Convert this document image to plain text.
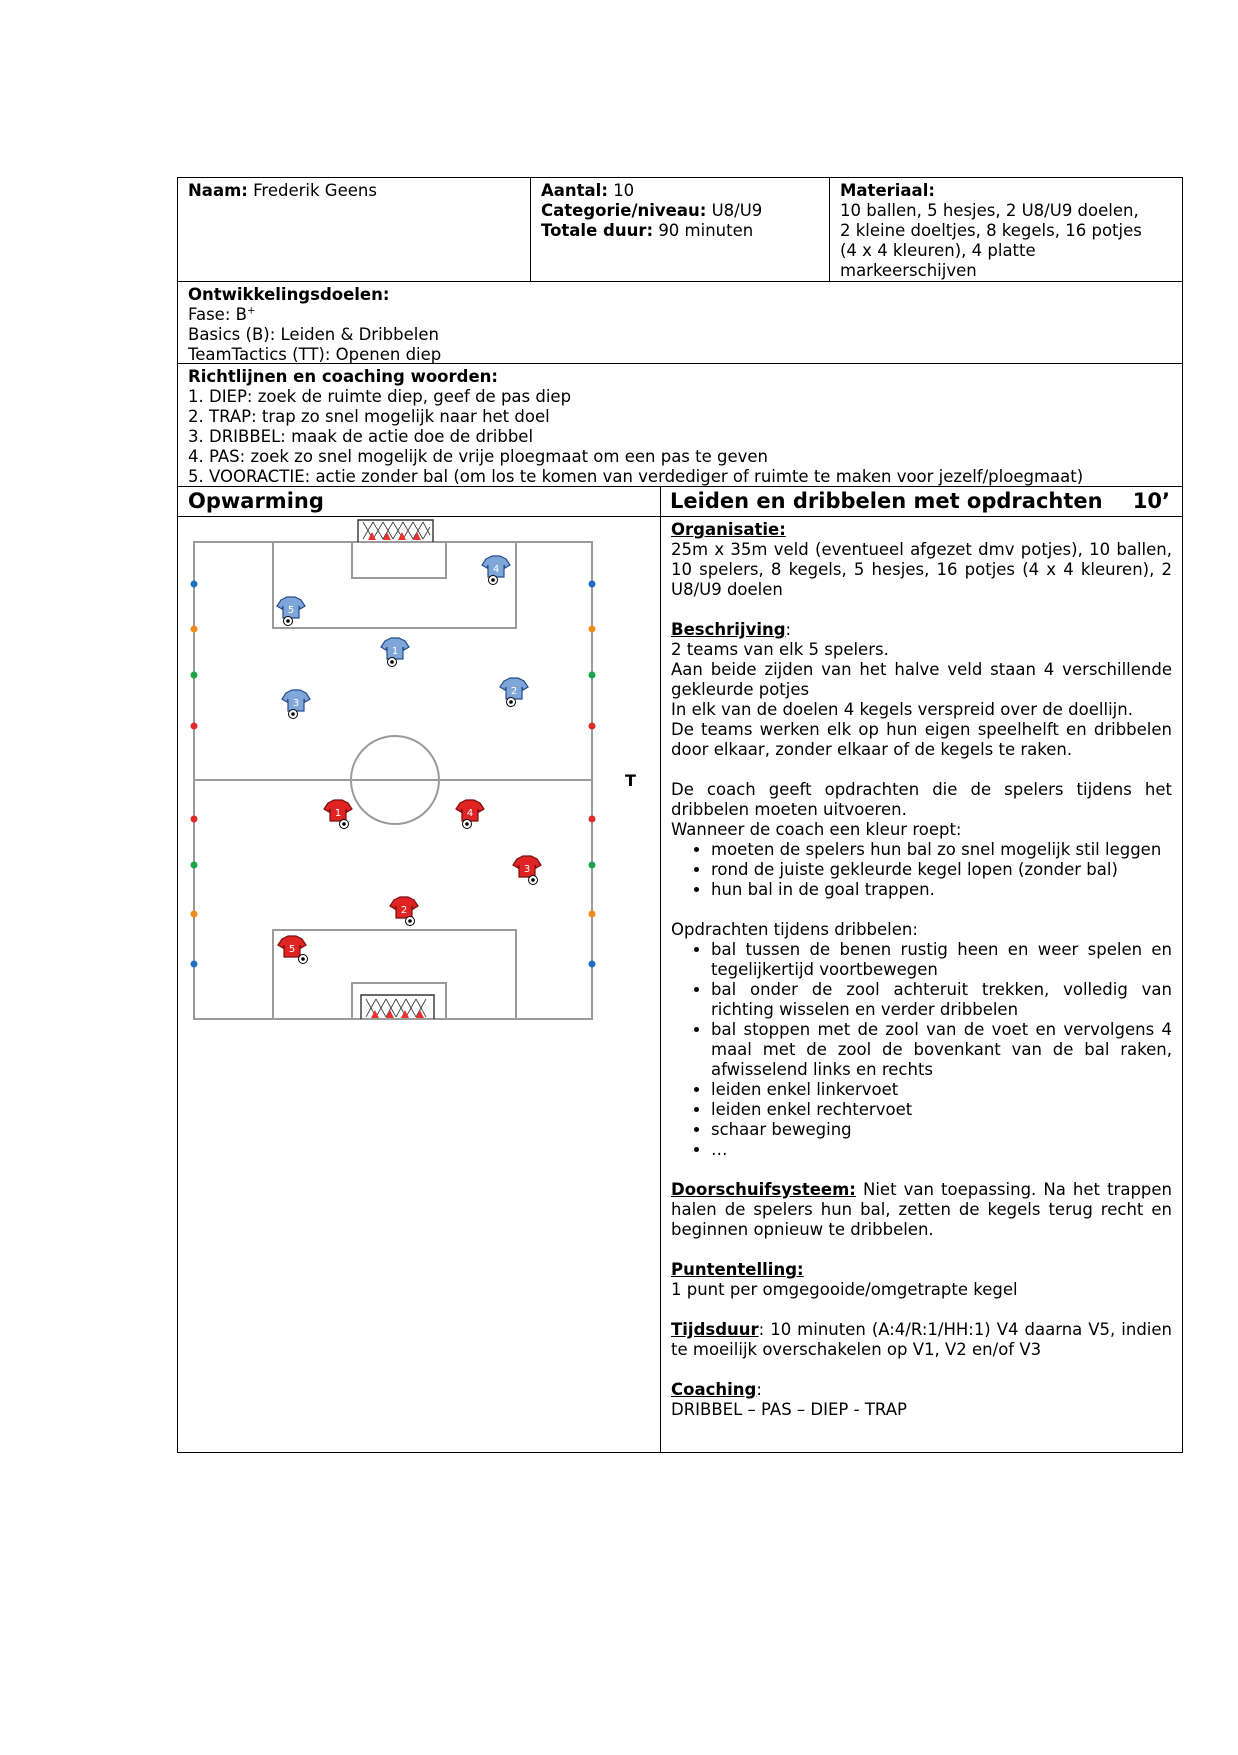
Naam: Frederik Geens	Aantal: 10
Categorie/niveau: U8/U9
Totale duur: 90 minuten
Materiaal:
10 ballen, 5 hesjes, 2 U8/U9 doelen,
2 kleine doeltjes, 8 kegels, 16 potjes
(4 x 4 kleuren), 4 platte
markeerschijven
Ontwikkelingsdoelen:
Fase: B+
Basics (B): Leiden & Dribbelen
TeamTactics (TT): Openen diep
Richtlijnen en coaching woorden:
1. DIEP: zoek de ruimte diep, geef de pas diep
2. TRAP: trap zo snel mogelijk naar het doel
3. DRIBBEL: maak de actie doe de dribbel
4. PAS: zoek zo snel mogelijk de vrije ploegmaat om een pas te geven
5. VOORACTIE: actie zonder bal (om los te komen van verdediger of ruimte te maken voor jezelf/ploegmaat)
Opwarming	Leiden en dribbelen met opdrachten	10’
4
5
1
2
3
1	4
3
2
5
T
Organisatie:
25m x 35m veld (eventueel afgezet dmv potjes), 10 ballen, 10 spelers, 8 kegels, 5 hesjes, 16 potjes (4 x 4 kleuren), 2 U8/U9 doelen
Beschrijving:
2 teams van elk 5 spelers.
Aan beide zijden van het halve veld staan 4 verschillende gekleurde potjes
In elk van de doelen 4 kegels verspreid over de doellijn.
De teams werken elk op hun eigen speelhelft en dribbelen door elkaar, zonder elkaar of de kegels te raken.
De coach geeft opdrachten die de spelers tijdens het dribbelen moeten uitvoeren.
Wanneer de coach een kleur roept:
• moeten de spelers hun bal zo snel mogelijk stil leggen
• rond de juiste gekleurde kegel lopen (zonder bal)
• hun bal in de goal trappen.
Opdrachten tijdens dribbelen:
• bal tussen de benen rustig heen en weer spelen en tegelijkertijd voortbewegen
• bal onder de zool achteruit trekken, volledig van richting wisselen en verder dribbelen
• bal stoppen met de zool van de voet en vervolgens 4 maal met de zool de bovenkant van de bal raken, afwisselend links en rechts
• leiden enkel linkervoet
• leiden enkel rechtervoet
• schaar beweging
• …
Doorschuifsysteem: Niet van toepassing. Na het trappen halen de spelers hun bal, zetten de kegels terug recht en beginnen opnieuw te dribbelen.
Puntentelling:
1 punt per omgegooide/omgetrapte kegel
Tijdsduur: 10 minuten (A:4/R:1/HH:1) V4 daarna V5, indien te moeilijk overschakelen op V1, V2 en/of V3
Coaching:
DRIBBEL – PAS – DIEP - TRAP
